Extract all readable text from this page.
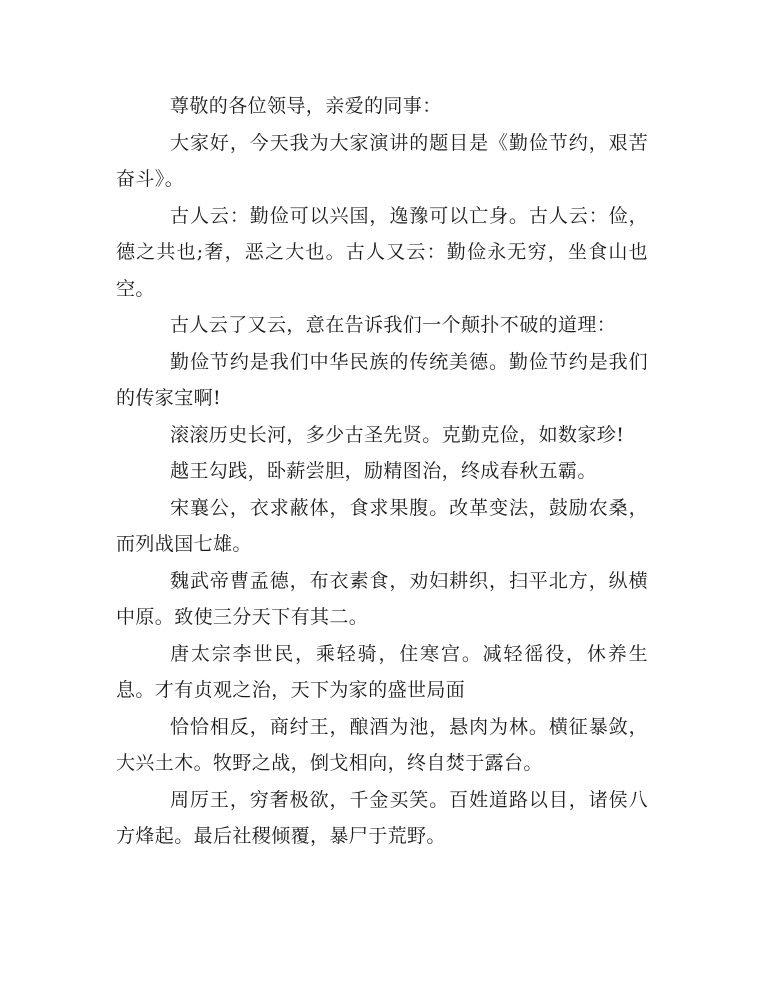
尊敬的各位领导，亲爱的同事：

大家好，今天我为大家演讲的题目是《勤俭节约，艰苦奋斗》。

古人云：勤俭可以兴国，逸豫可以亡身。古人云：俭，德之共也;奢，恶之大也。古人又云：勤俭永无穷，坐食山也空。

古人云了又云，意在告诉我们一个颠扑不破的道理：

勤俭节约是我们中华民族的传统美德。勤俭节约是我们的传家宝啊!

滚滚历史长河，多少古圣先贤。克勤克俭，如数家珍!

越王勾践，卧薪尝胆，励精图治，终成春秋五霸。

宋襄公，衣求蔽体，食求果腹。改革变法，鼓励农桑，而列战国七雄。

魏武帝曹孟德，布衣素食，劝妇耕织，扫平北方，纵横中原。致使三分天下有其二。

唐太宗李世民，乘轻骑，住寒宫。减轻徭役，休养生息。才有贞观之治，天下为家的盛世局面

恰恰相反，商纣王，酿酒为池，悬肉为林。横征暴敛，大兴土木。牧野之战，倒戈相向，终自焚于露台。

周厉王，穷奢极欲，千金买笑。百姓道路以目，诸侯八方烽起。最后社稷倾覆，暴尸于荒野。
